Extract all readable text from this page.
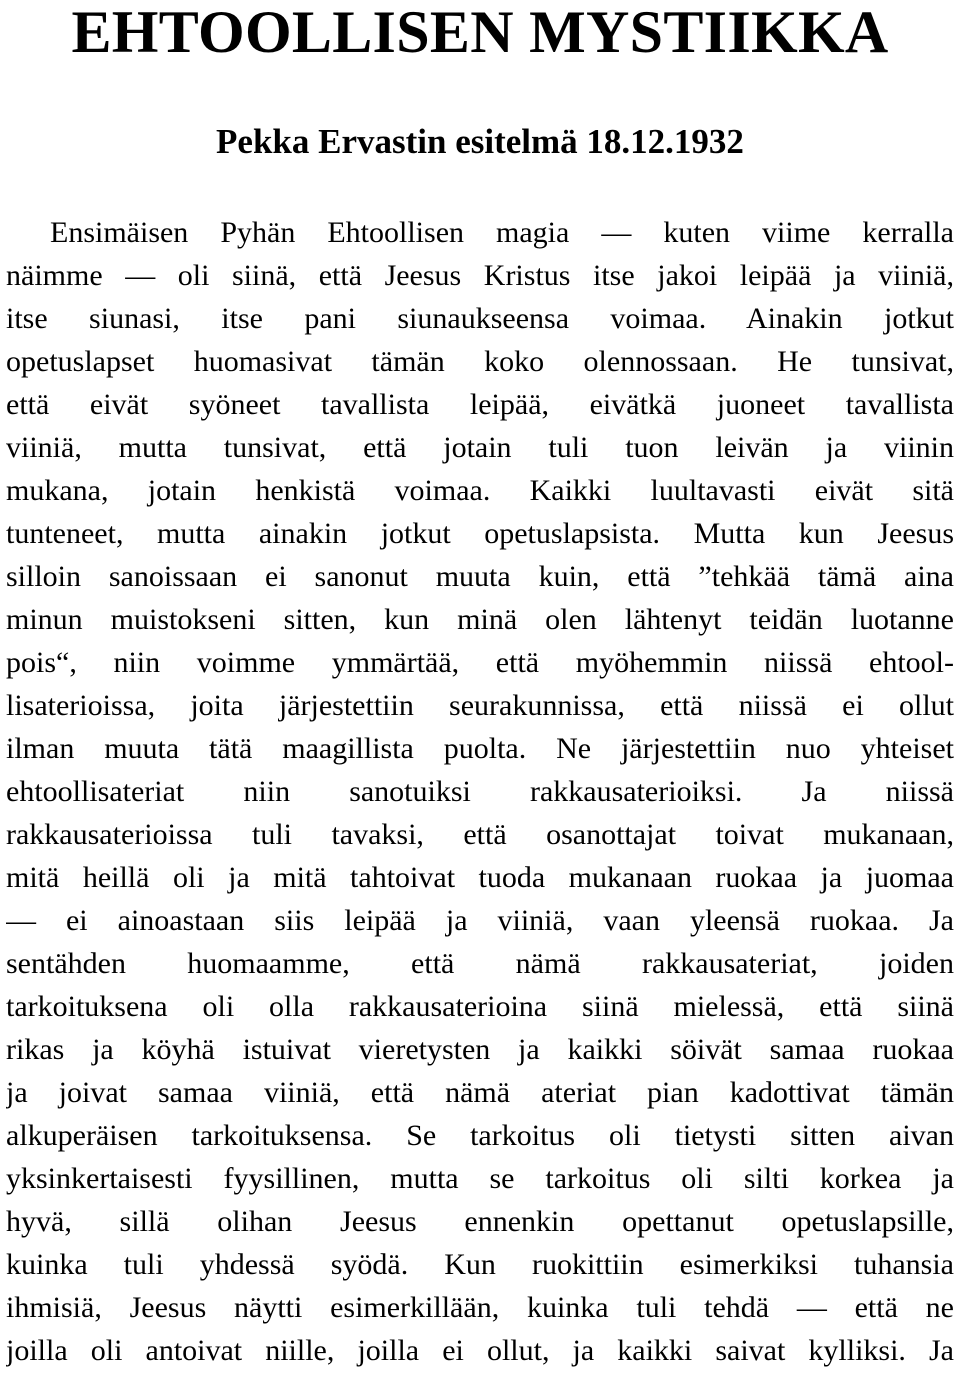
EHTOOLLISEN MYSTIIKKA
Pekka Ervastin esitelmä 18.12.1932
Ensimäisen Pyhän Ehtoollisen magia — kuten viime kerralla
näimme — oli siinä, että Jeesus Kristus itse jakoi leipää ja viiniä,
itse siunasi, itse pani siunaukseensa voimaa. Ainakin jotkut
opetuslapset huomasivat tämän koko olennossaan. He tunsivat,
että eivät syöneet tavallista leipää, eivätkä juoneet tavallista
viiniä, mutta tunsivat, että jotain tuli tuon leivän ja viinin
mukana, jotain henkistä voimaa. Kaikki luultavasti eivät sitä
tunteneet, mutta ainakin jotkut opetuslapsista. Mutta kun Jeesus
silloin sanoissaan ei sanonut muuta kuin, että ”tehkää tämä aina
minun muistokseni sitten, kun minä olen lähtenyt teidän luotanne
pois“, niin voimme ymmärtää, että myöhemmin niissä ehtool-
lisaterioissa, joita järjestettiin seurakunnissa, että niissä ei ollut
ilman muuta tätä maagillista puolta. Ne järjestettiin nuo yhteiset
ehtoollisateriat niin sanotuiksi rakkausaterioiksi. Ja niissä
rakkausaterioissa tuli tavaksi, että osanottajat toivat mukanaan,
mitä heillä oli ja mitä tahtoivat tuoda mukanaan ruokaa ja juomaa
— ei ainoastaan siis leipää ja viiniä, vaan yleensä ruokaa. Ja
sentähden huomaamme, että nämä rakkausateriat, joiden
tarkoituksena oli olla rakkausaterioina siinä mielessä, että siinä
rikas ja köyhä istuivat vieretysten ja kaikki söivät samaa ruokaa
ja joivat samaa viiniä, että nämä ateriat pian kadottivat tämän
alkuperäisen tarkoituksensa. Se tarkoitus oli tietysti sitten aivan
yksinkertaisesti fyysillinen, mutta se tarkoitus oli silti korkea ja
hyvä, sillä olihan Jeesus ennenkin opettanut opetuslapsille,
kuinka tuli yhdessä syödä. Kun ruokittiin esimerkiksi tuhansia
ihmisiä, Jeesus näytti esimerkillään, kuinka tuli tehdä — että ne
joilla oli antoivat niille, joilla ei ollut, ja kaikki saivat kylliksi. Ja
